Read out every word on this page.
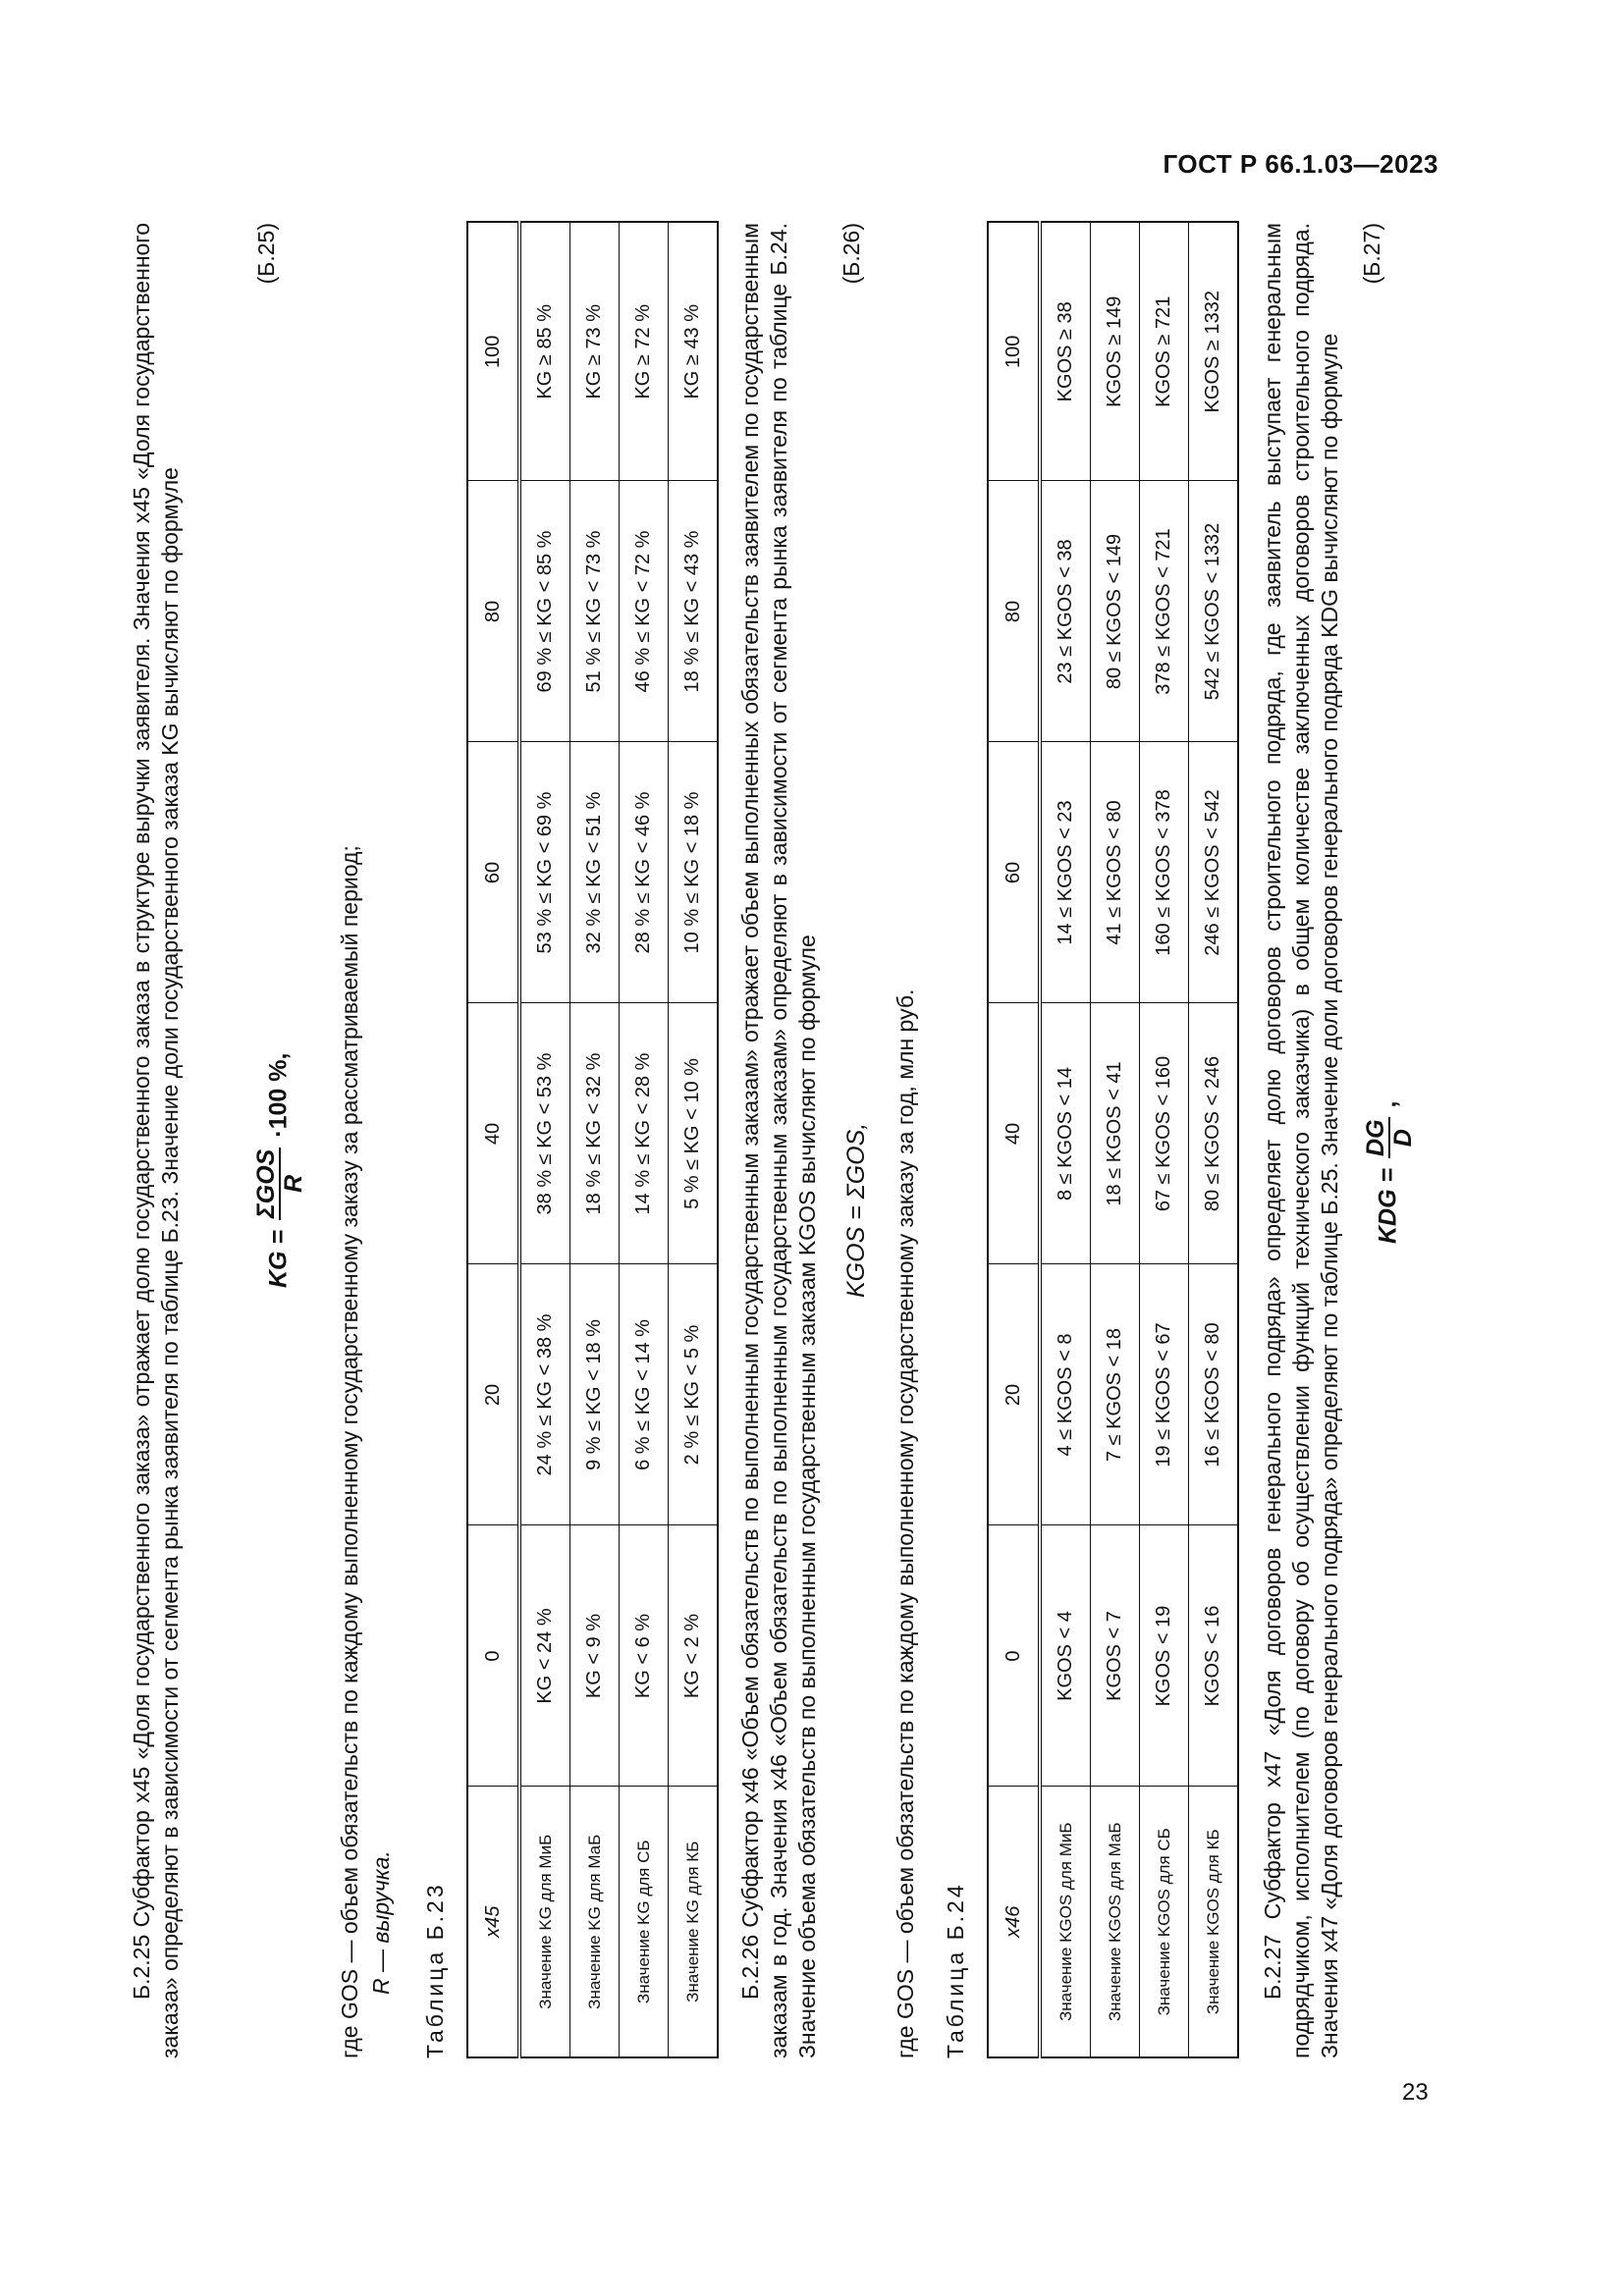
ГОСТ Р 66.1.03—2023
Б.2.25 Субфактор x45 «Доля государственного заказа» отражает долю государственного заказа в структуре выручки заявителя. Значения x45 «Доля государственного заказа» определяют в зависимости от сегмента рынка заявителя по таблице Б.23. Значение доли государственного заказа KG вычисляют по формуле	KG =
ΣGOS R
·100 %,
(Б.25)
где GOS — объем обязательств по каждому выполненному государственному заказу за рассматриваемый период; R — выручка. Таблица Б.23 x45	0	20	40	60	80	100
Значение KG для МиБ	KG < 24 %	24 % ≤ KG < 38 %	38 % ≤ KG < 53 %	53 % ≤ KG < 69 %	69 % ≤ KG < 85 %	KG ≥ 85 %
Значение KG для МаБ	KG < 9 %	9 % ≤ KG < 18 %	18 % ≤ KG < 32 %	32 % ≤ KG < 51 %	51 % ≤ KG < 73 %	KG ≥ 73 %
Значение KG для СБ	KG < 6 %	6 % ≤ KG < 14 %	14 % ≤ KG < 28 %	28 % ≤ KG < 46 %	46 % ≤ KG < 72 %	KG ≥ 72 %
Значение KG для КБ	KG < 2 %	2 % ≤ KG < 5 %	5 % ≤ KG < 10 %	10 % ≤ KG < 18 %	18 % ≤ KG < 43 %	KG ≥ 43 % Б.2.26 Субфактор x46 «Объем обязательств по выполненным государственным заказам» отражает объем выполненных обязательств заявителем по государственным заказам в год. Значения x46 «Объем обязательств по выполненным государственным заказам» определяют в зависимости от сегмента рынка заявителя по таблице Б.24. Значение объема обязательств по выполненным государственным заказам KGOS вычисляют по формуле KGOS = ΣGOS,
(Б.26)
где GOS — объем обязательств по каждому выполненному государственному заказу за год, млн руб. Таблица Б.24 x46	0	20	40	60	80	100
Значение KGOS для МиБ	KGOS < 4	4 ≤ KGOS < 8	8 ≤ KGOS < 14	14 ≤ KGOS < 23	23 ≤ KGOS < 38	KGOS ≥ 38
Значение KGOS для МаБ	KGOS < 7	7 ≤ KGOS < 18	18 ≤ KGOS < 41	41 ≤ KGOS < 80	80 ≤ KGOS < 149	KGOS ≥ 149
Значение KGOS для СБ	KGOS < 19	19 ≤ KGOS < 67	67 ≤ KGOS < 160	160 ≤ KGOS < 378	378 ≤ KGOS < 721	KGOS ≥ 721
Значение KGOS для КБ	KGOS < 16	16 ≤ KGOS < 80	80 ≤ KGOS < 246	246 ≤ KGOS < 542	542 ≤ KGOS < 1332	KGOS ≥ 1332 Б.2.27 Субфактор x47 «Доля договоров генерального подряда» определяет долю договоров строительного подряда, где заявитель выступает генеральным подрядчиком, исполнителем (по договору об осуществлении функций технического заказчика) в общем количестве заключенных договоров строительного подряда. Значения x47 «Доля договоров генерального подряда» определяют по таблице Б.25. Значение доли договоров генерального подряда KDG вычисляют по формуле	KDG =
DG D
,
(Б.27)
23
